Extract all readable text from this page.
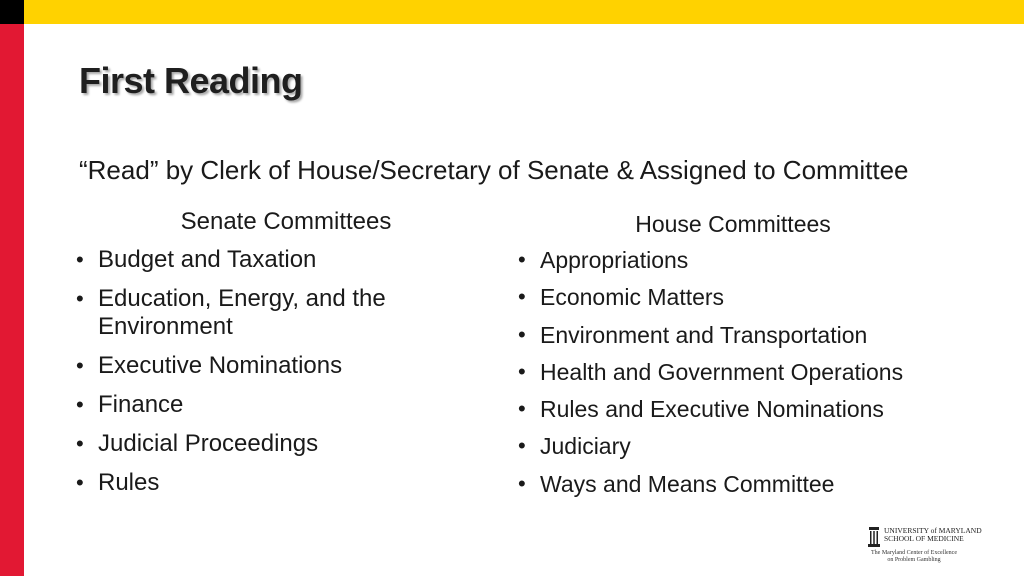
First Reading

“Read” by Clerk of House/Secretary of Senate & Assigned to Committee

Senate Committees

• Budget and Taxation
• Education, Energy, and the Environment
• Executive Nominations
• Finance
• Judicial Proceedings
• Rules

House Committees

• Appropriations
• Economic Matters
• Environment and Transportation
• Health and Government Operations
• Rules and Executive Nominations
• Judiciary
• Ways and Means Committee
UNIVERSITY of MARYLAND
SCHOOL OF MEDICINE
The Maryland Center of Excellence
on Problem Gambling
